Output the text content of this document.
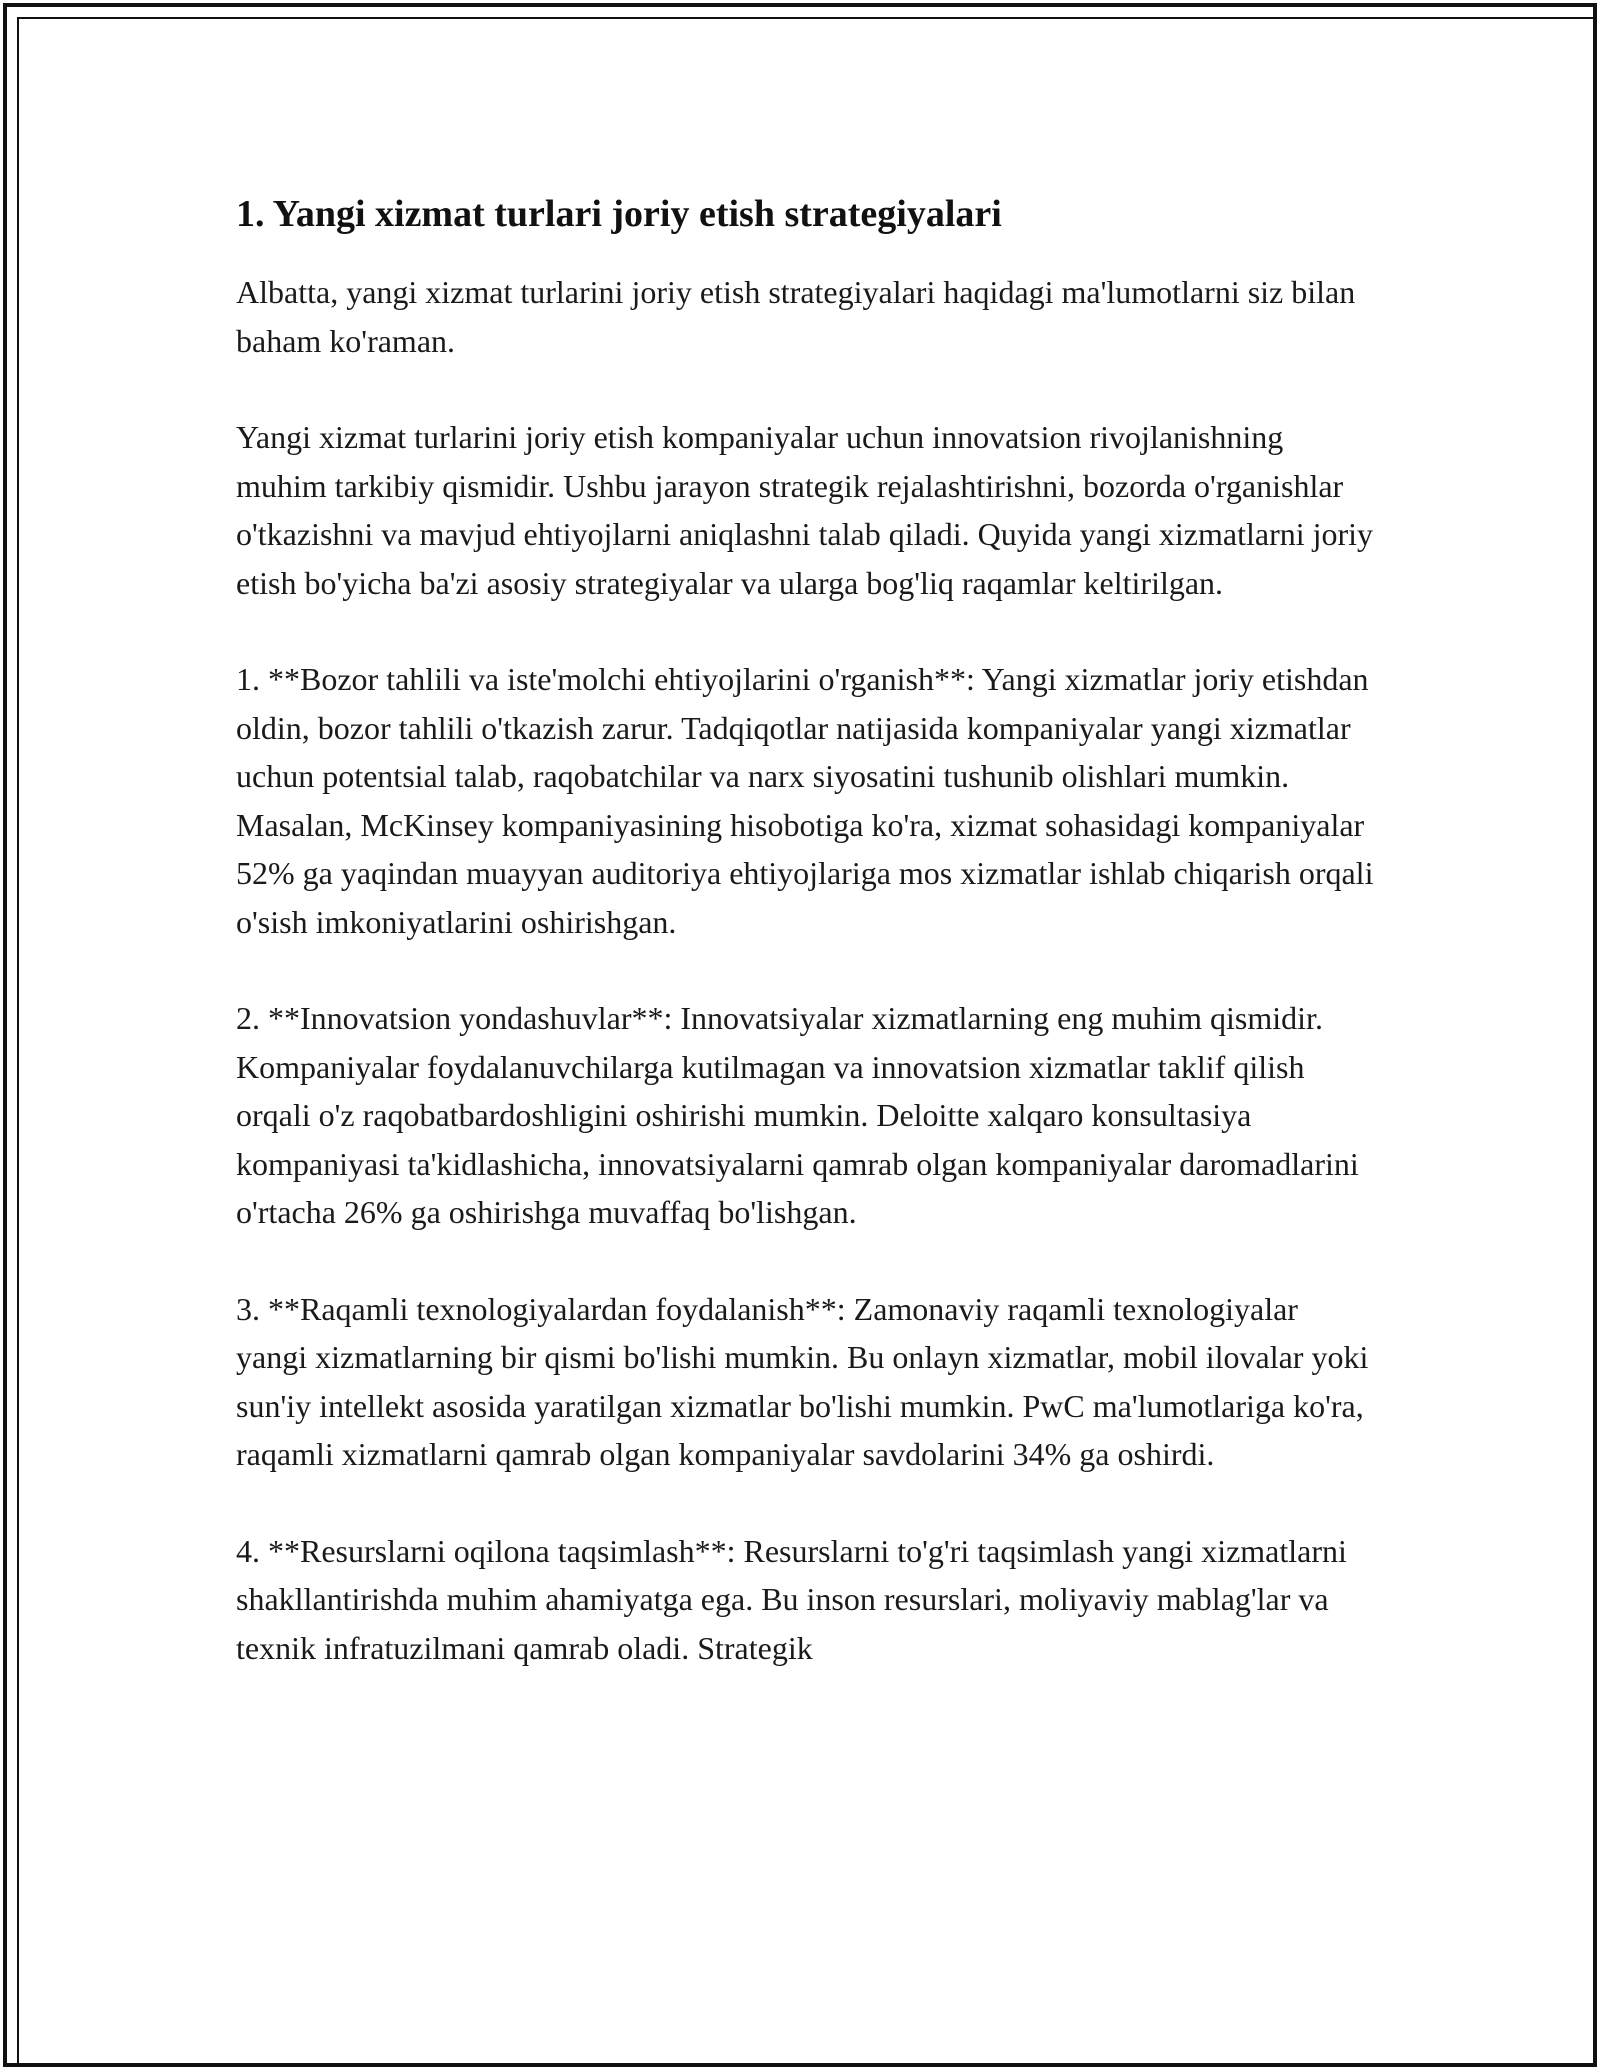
1. Yangi xizmat turlari joriy etish strategiyalari

Albatta, yangi xizmat turlarini joriy etish strategiyalari haqidagi ma'lumotlarni siz bilan baham ko'raman.

Yangi xizmat turlarini joriy etish kompaniyalar uchun innovatsion rivojlanishning muhim tarkibiy qismidir. Ushbu jarayon strategik rejalashtirishni, bozorda o'rganishlar o'tkazishni va mavjud ehtiyojlarni aniqlashni talab qiladi. Quyida yangi xizmatlarni joriy etish bo'yicha ba'zi asosiy strategiyalar va ularga bog'liq raqamlar keltirilgan.

1. **Bozor tahlili va iste'molchi ehtiyojlarini o'rganish**: Yangi xizmatlar joriy etishdan oldin, bozor tahlili o'tkazish zarur. Tadqiqotlar natijasida kompaniyalar yangi xizmatlar uchun potentsial talab, raqobatchilar va narx siyosatini tushunib olishlari mumkin. Masalan, McKinsey kompaniyasining hisobotiga ko'ra, xizmat sohasidagi kompaniyalar 52% ga yaqindan muayyan auditoriya ehtiyojlariga mos xizmatlar ishlab chiqarish orqali o'sish imkoniyatlarini oshirishgan.

2. **Innovatsion yondashuvlar**: Innovatsiyalar xizmatlarning eng muhim qismidir. Kompaniyalar foydalanuvchilarga kutilmagan va innovatsion xizmatlar taklif qilish orqali o'z raqobatbardoshligini oshirishi mumkin. Deloitte xalqaro konsultasiya kompaniyasi ta'kidlashicha, innovatsiyalarni qamrab olgan kompaniyalar daromadlarini o'rtacha 26% ga oshirishga muvaffaq bo'lishgan.

3. **Raqamli texnologiyalardan foydalanish**: Zamonaviy raqamli texnologiyalar yangi xizmatlarning bir qismi bo'lishi mumkin. Bu onlayn xizmatlar, mobil ilovalar yoki sun'iy intellekt asosida yaratilgan xizmatlar bo'lishi mumkin. PwC ma'lumotlariga ko'ra, raqamli xizmatlarni qamrab olgan kompaniyalar savdolarini 34% ga oshirdi.

4. **Resurslarni oqilona taqsimlash**: Resurslarni to'g'ri taqsimlash yangi xizmatlarni shakllantirishda muhim ahamiyatga ega. Bu inson resurslari, moliyaviy mablag'lar va texnik infratuzilmani qamrab oladi. Strategik
